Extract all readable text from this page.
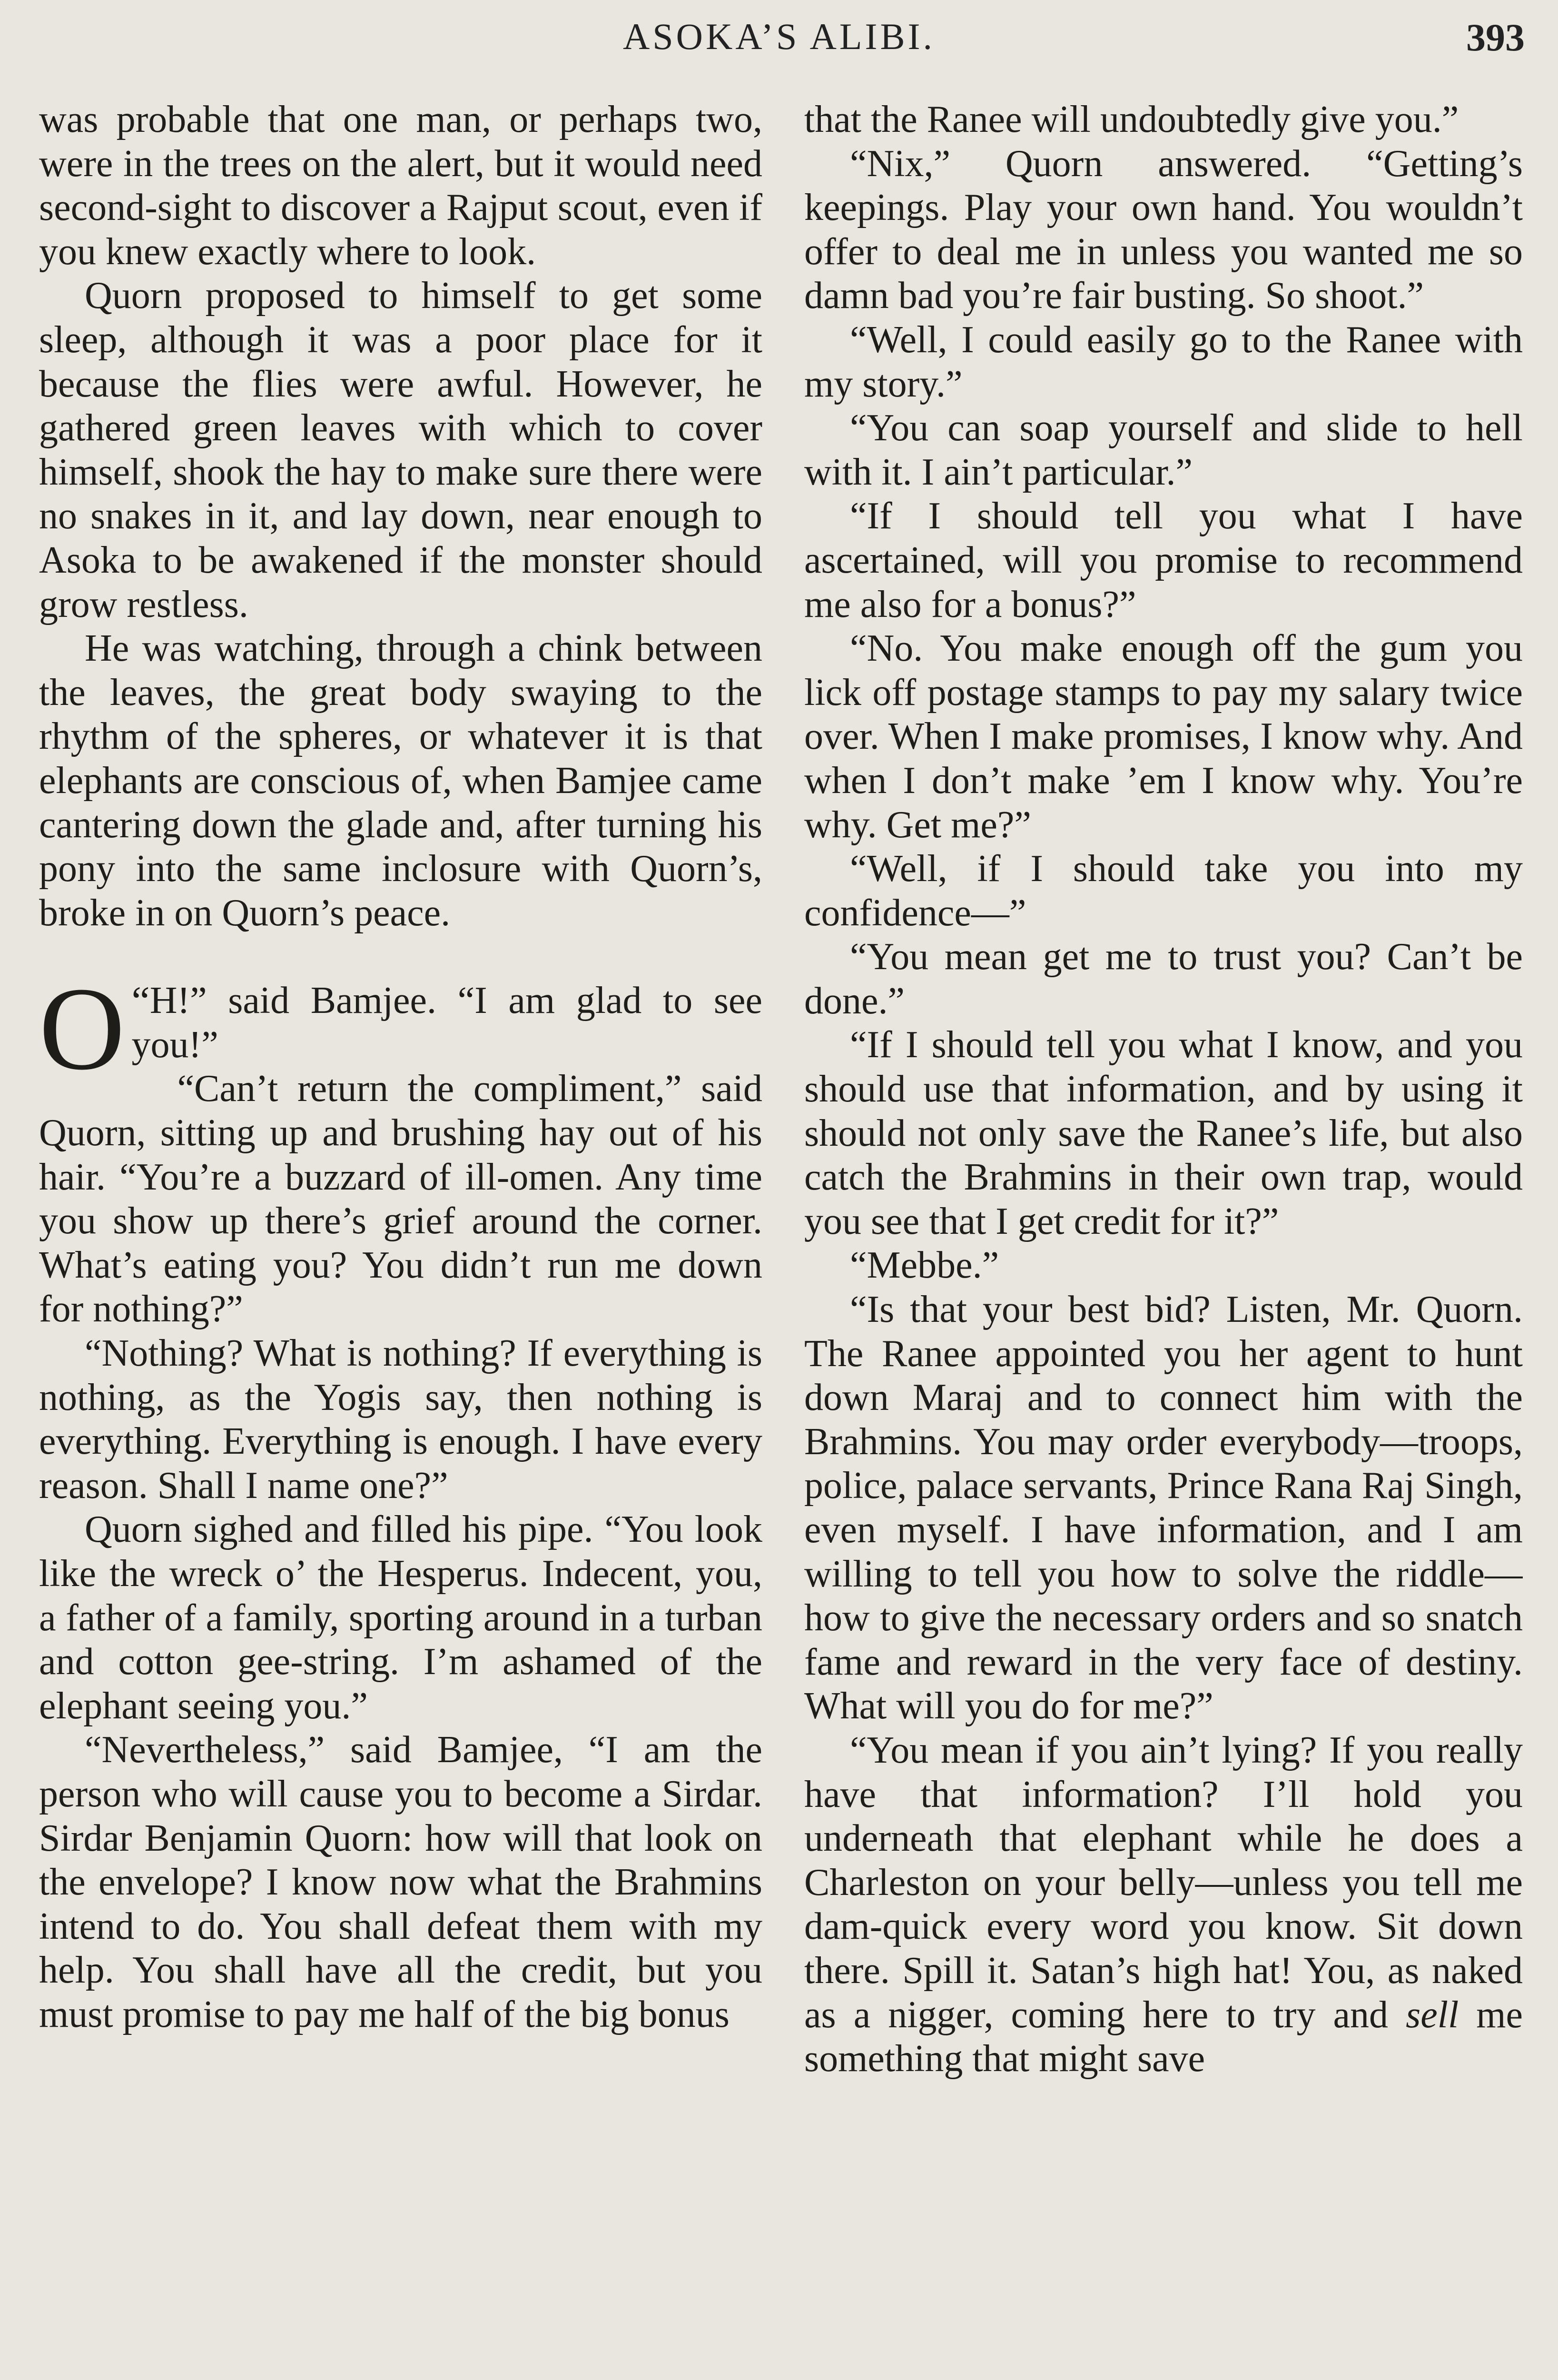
ASOKA’S ALIBI.	393

was probable that one man, or perhaps two, were in the trees on the alert, but it would need second-sight to discover a Rajput scout, even if you knew exactly where to look.

Quorn proposed to himself to get some sleep, although it was a poor place for it because the flies were awful. However, he gathered green leaves with which to cover himself, shook the hay to make sure there were no snakes in it, and lay down, near enough to Asoka to be awakened if the monster should grow restless.

He was watching, through a chink between the leaves, the great body swaying to the rhythm of the spheres, or whatever it is that elephants are conscious of, when Bamjee came cantering down the glade and, after turning his pony into the same inclosure with Quorn’s, broke in on Quorn’s peace.

“
O H!” said Bamjee. “I am glad to see you!”

“Can’t return the compliment,” said Quorn, sitting up and brushing hay out of his hair. “You’re a buzzard of ill-omen. Any time you show up there’s grief around the corner. What’s eating you? You didn’t run me down for nothing?”

“Nothing? What is nothing? If everything is nothing, as the Yogis say, then nothing is everything. Everything is enough. I have every reason. Shall I name one?”

Quorn sighed and filled his pipe. “You look like the wreck o’ the Hesperus. Indecent, you, a father of a family, sporting around in a turban and cotton gee-string. I’m ashamed of the elephant seeing you.”

“Nevertheless,” said Bamjee, “I am the person who will cause you to become a Sirdar. Sirdar Benjamin Quorn: how will that look on the envelope? I know now what the Brahmins intend to do. You shall defeat them with my help. You shall have all the credit, but you must promise to pay me half of the big bonus

that the Ranee will undoubtedly give you.”

“Nix,” Quorn answered. “Getting’s keepings. Play your own hand. You wouldn’t offer to deal me in unless you wanted me so damn bad you’re fair busting. So shoot.”

“Well, I could easily go to the Ranee with my story.”

“You can soap yourself and slide to hell with it. I ain’t particular.”

“If I should tell you what I have ascertained, will you promise to recommend me also for a bonus?”

“No. You make enough off the gum you lick off postage stamps to pay my salary twice over. When I make promises, I know why. And when I don’t make ’em I know why. You’re why. Get me?”

“Well, if I should take you into my confidence—”

“You mean get me to trust you? Can’t be done.”

“If I should tell you what I know, and you should use that information, and by using it should not only save the Ranee’s life, but also catch the Brahmins in their own trap, would you see that I get credit for it?”

“Mebbe.”

“Is that your best bid? Listen, Mr. Quorn. The Ranee appointed you her agent to hunt down Maraj and to connect him with the Brahmins. You may order everybody—troops, police, palace servants, Prince Rana Raj Singh, even myself. I have information, and I am willing to tell you how to solve the riddle—how to give the necessary orders and so snatch fame and reward in the very face of destiny. What will you do for me?”

“You mean if you ain’t lying? If you really have that information? I’ll hold you underneath that elephant while he does a Charleston on your belly—unless you tell me dam-quick every word you know. Sit down there. Spill it. Satan’s high hat! You, as naked as a nigger, coming here to try and sell me something that might save
